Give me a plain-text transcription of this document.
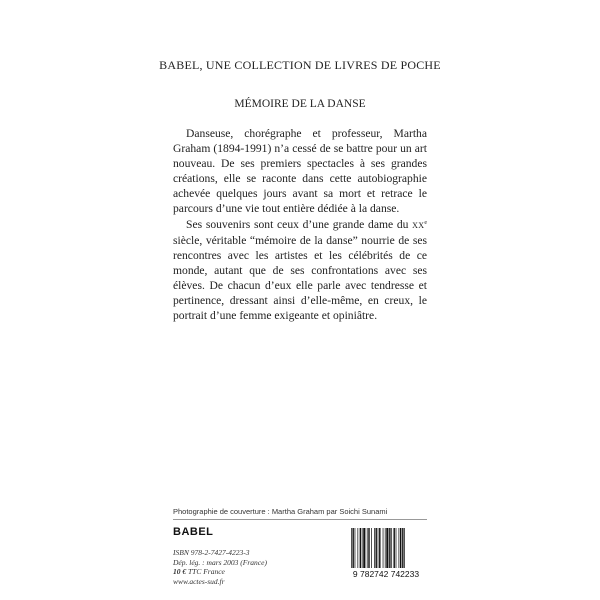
BABEL, UNE COLLECTION DE LIVRES DE POCHE
MÉMOIRE DE LA DANSE

Danseuse, chorégraphe et professeur, Martha Graham (1894-1991) n’a cessé de se battre pour un art nouveau. De ses premiers spectacles à ses grandes créations, elle se raconte dans cette autobiographie achevée quelques jours avant sa mort et retrace le parcours d’une vie tout entière dédiée à la danse.

Ses souvenirs sont ceux d’une grande dame du XXe siècle, véritable “mémoire de la danse” nourrie de ses rencontres avec les artistes et les célébrités de ce monde, autant que de ses confrontations avec ses élèves. De chacun d’eux elle parle avec tendresse et pertinence, dressant ainsi d’elle-même, en creux, le portrait d’une femme exigeante et opiniâtre.

Photographie de couverture : Martha Graham par Soichi Sunami
BABEL
ISBN 978-2-7427-4223-3
Dép. lég. : mars 2003 (France)
10 € TTC France
www.actes-sud.fr
9 782742 742233
